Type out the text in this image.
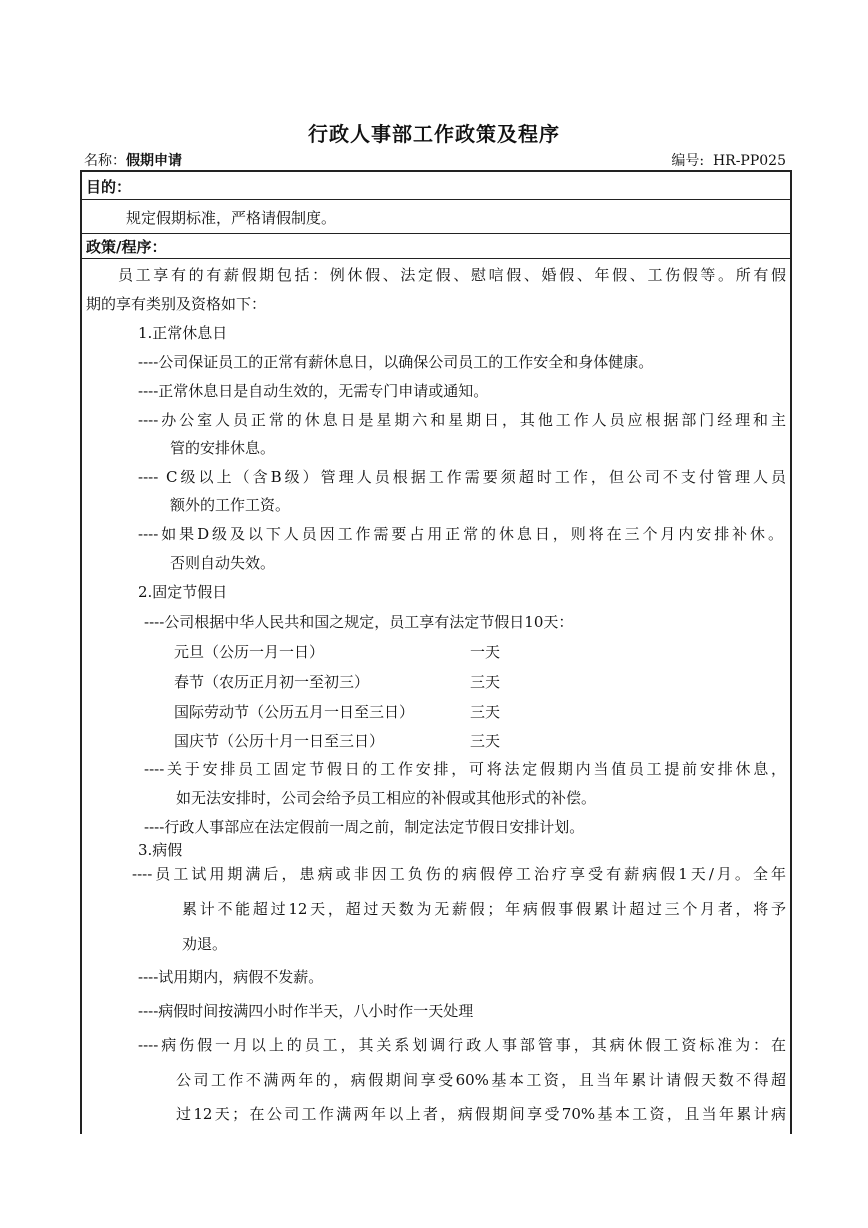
行政人事部工作政策及程序
名称：假期申请	编号: HR-PP025
目的：
规定假期标准，严格请假制度。
政策/程序：
员工享有的有薪假期包括：例休假、法定假、慰唁假、婚假、年假、工伤假等。所有假
期的享有类别及资格如下：
1.正常休息日
----公司保证员工的正常有薪休息日，以确保公司员工的工作安全和身体健康。
----正常休息日是自动生效的，无需专门申请或通知。
----办公室人员正常的休息日是星期六和星期日，其他工作人员应根据部门经理和主
管的安排休息。
---- C级以上（含B级）管理人员根据工作需要须超时工作，但公司不支付管理人员
额外的工作工资。
----如果D级及以下人员因工作需要占用正常的休息日，则将在三个月内安排补休。
否则自动失效。
2.固定节假日
----公司根据中华人民共和国之规定，员工享有法定节假日10天：
元旦（公历一月一日）	一天
春节（农历正月初一至初三）	三天
国际劳动节（公历五月一日至三日）	三天
国庆节（公历十月一日至三日）	三天
----关于安排员工固定节假日的工作安排，可将法定假期内当值员工提前安排休息，
如无法安排时，公司会给予员工相应的补假或其他形式的补偿。
----行政人事部应在法定假前一周之前，制定法定节假日安排计划。
3.病假
----员工试用期满后，患病或非因工负伤的病假停工治疗享受有薪病假1天/月。全年
累计不能超过12天，超过天数为无薪假；年病假事假累计超过三个月者，将予
劝退。
----试用期内，病假不发薪。
----病假时间按满四小时作半天，八小时作一天处理
----病伤假一月以上的员工，其关系划调行政人事部管事，其病休假工资标准为：在
公司工作不满两年的，病假期间享受60%基本工资，且当年累计请假天数不得超
过12天；在公司工作满两年以上者，病假期间享受70%基本工资，且当年累计病
